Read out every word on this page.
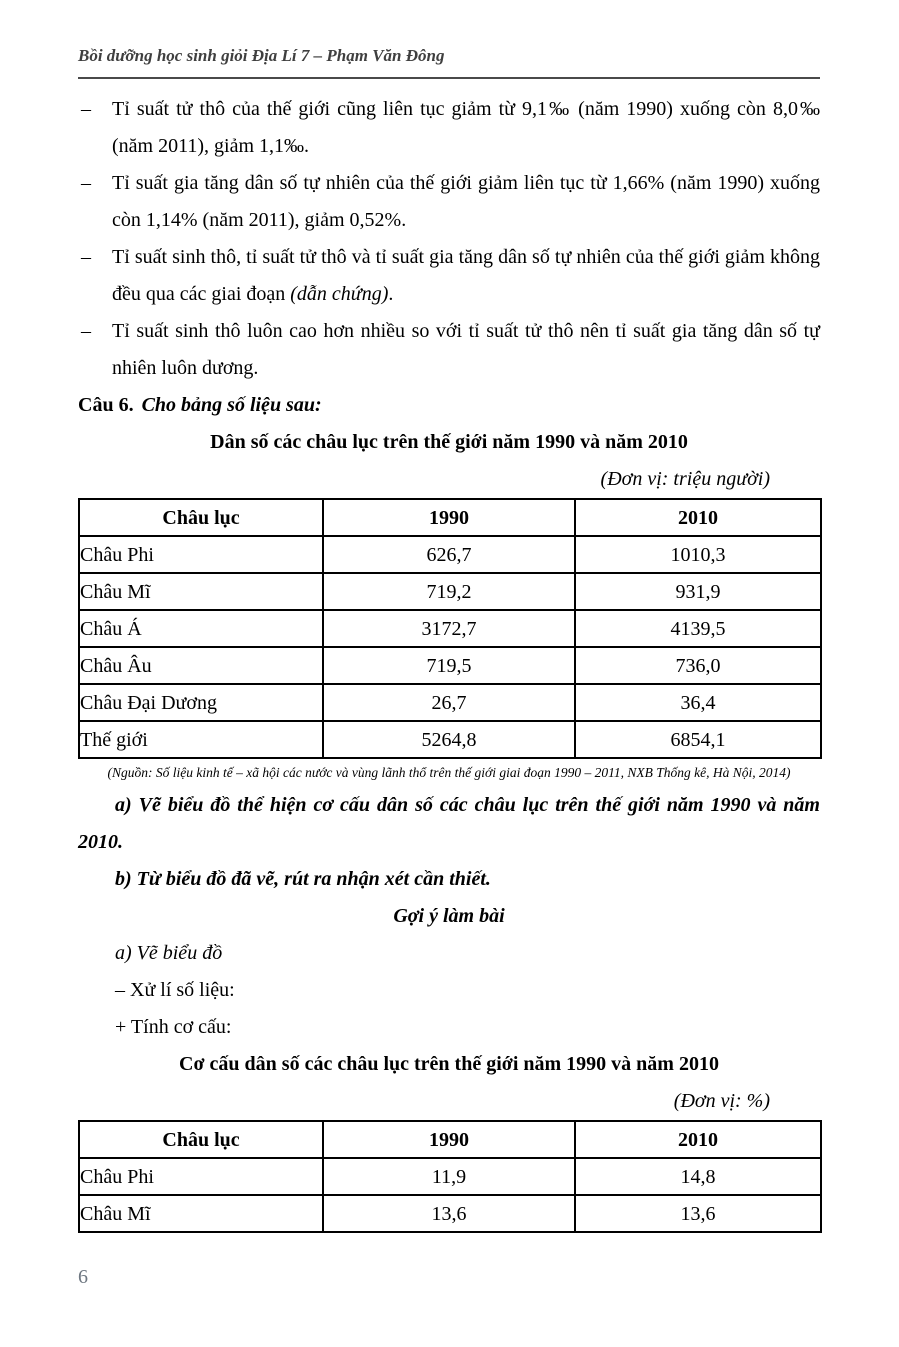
Bồi dưỡng học sinh giỏi Địa Lí 7 – Phạm Văn Đông

– Tỉ suất tử thô của thế giới cũng liên tục giảm từ 9,1‰ (năm 1990) xuống còn 8,0‰ (năm 2011), giảm 1,1‰.

– Tỉ suất gia tăng dân số tự nhiên của thế giới giảm liên tục từ 1,66% (năm 1990) xuống còn 1,14% (năm 2011), giảm 0,52%.

– Tỉ suất sinh thô, tỉ suất tử thô và tỉ suất gia tăng dân số tự nhiên của thế giới giảm không đều qua các giai đoạn (dẫn chứng).

– Tỉ suất sinh thô luôn cao hơn nhiều so với tỉ suất tử thô nên tỉ suất gia tăng dân số tự nhiên luôn dương.

Câu 6. Cho bảng số liệu sau:

Dân số các châu lục trên thế giới năm 1990 và năm 2010
(Đơn vị: triệu người)
Châu lục	1990	2010
Châu Phi	626,7	1010,3
Châu Mĩ	719,2	931,9
Châu Á	3172,7	4139,5
Châu Âu	719,5	736,0
Châu Đại Dương	26,7	36,4
Thế giới	5264,8	6854,1
(Nguồn: Số liệu kinh tế – xã hội các nước và vùng lãnh thổ trên thế giới giai đoạn 1990 – 2011, NXB Thống kê, Hà Nội, 2014)

a) Vẽ biểu đồ thể hiện cơ cấu dân số các châu lục trên thế giới năm 1990 và năm 2010.

b) Từ biểu đồ đã vẽ, rút ra nhận xét cần thiết.

Gợi ý làm bài

a) Vẽ biểu đồ

– Xử lí số liệu:

+ Tính cơ cấu:

Cơ cấu dân số các châu lục trên thế giới năm 1990 và năm 2010
(Đơn vị: %)
Châu lục	1990	2010
Châu Phi	11,9	14,8
Châu Mĩ	13,6	13,6
6
